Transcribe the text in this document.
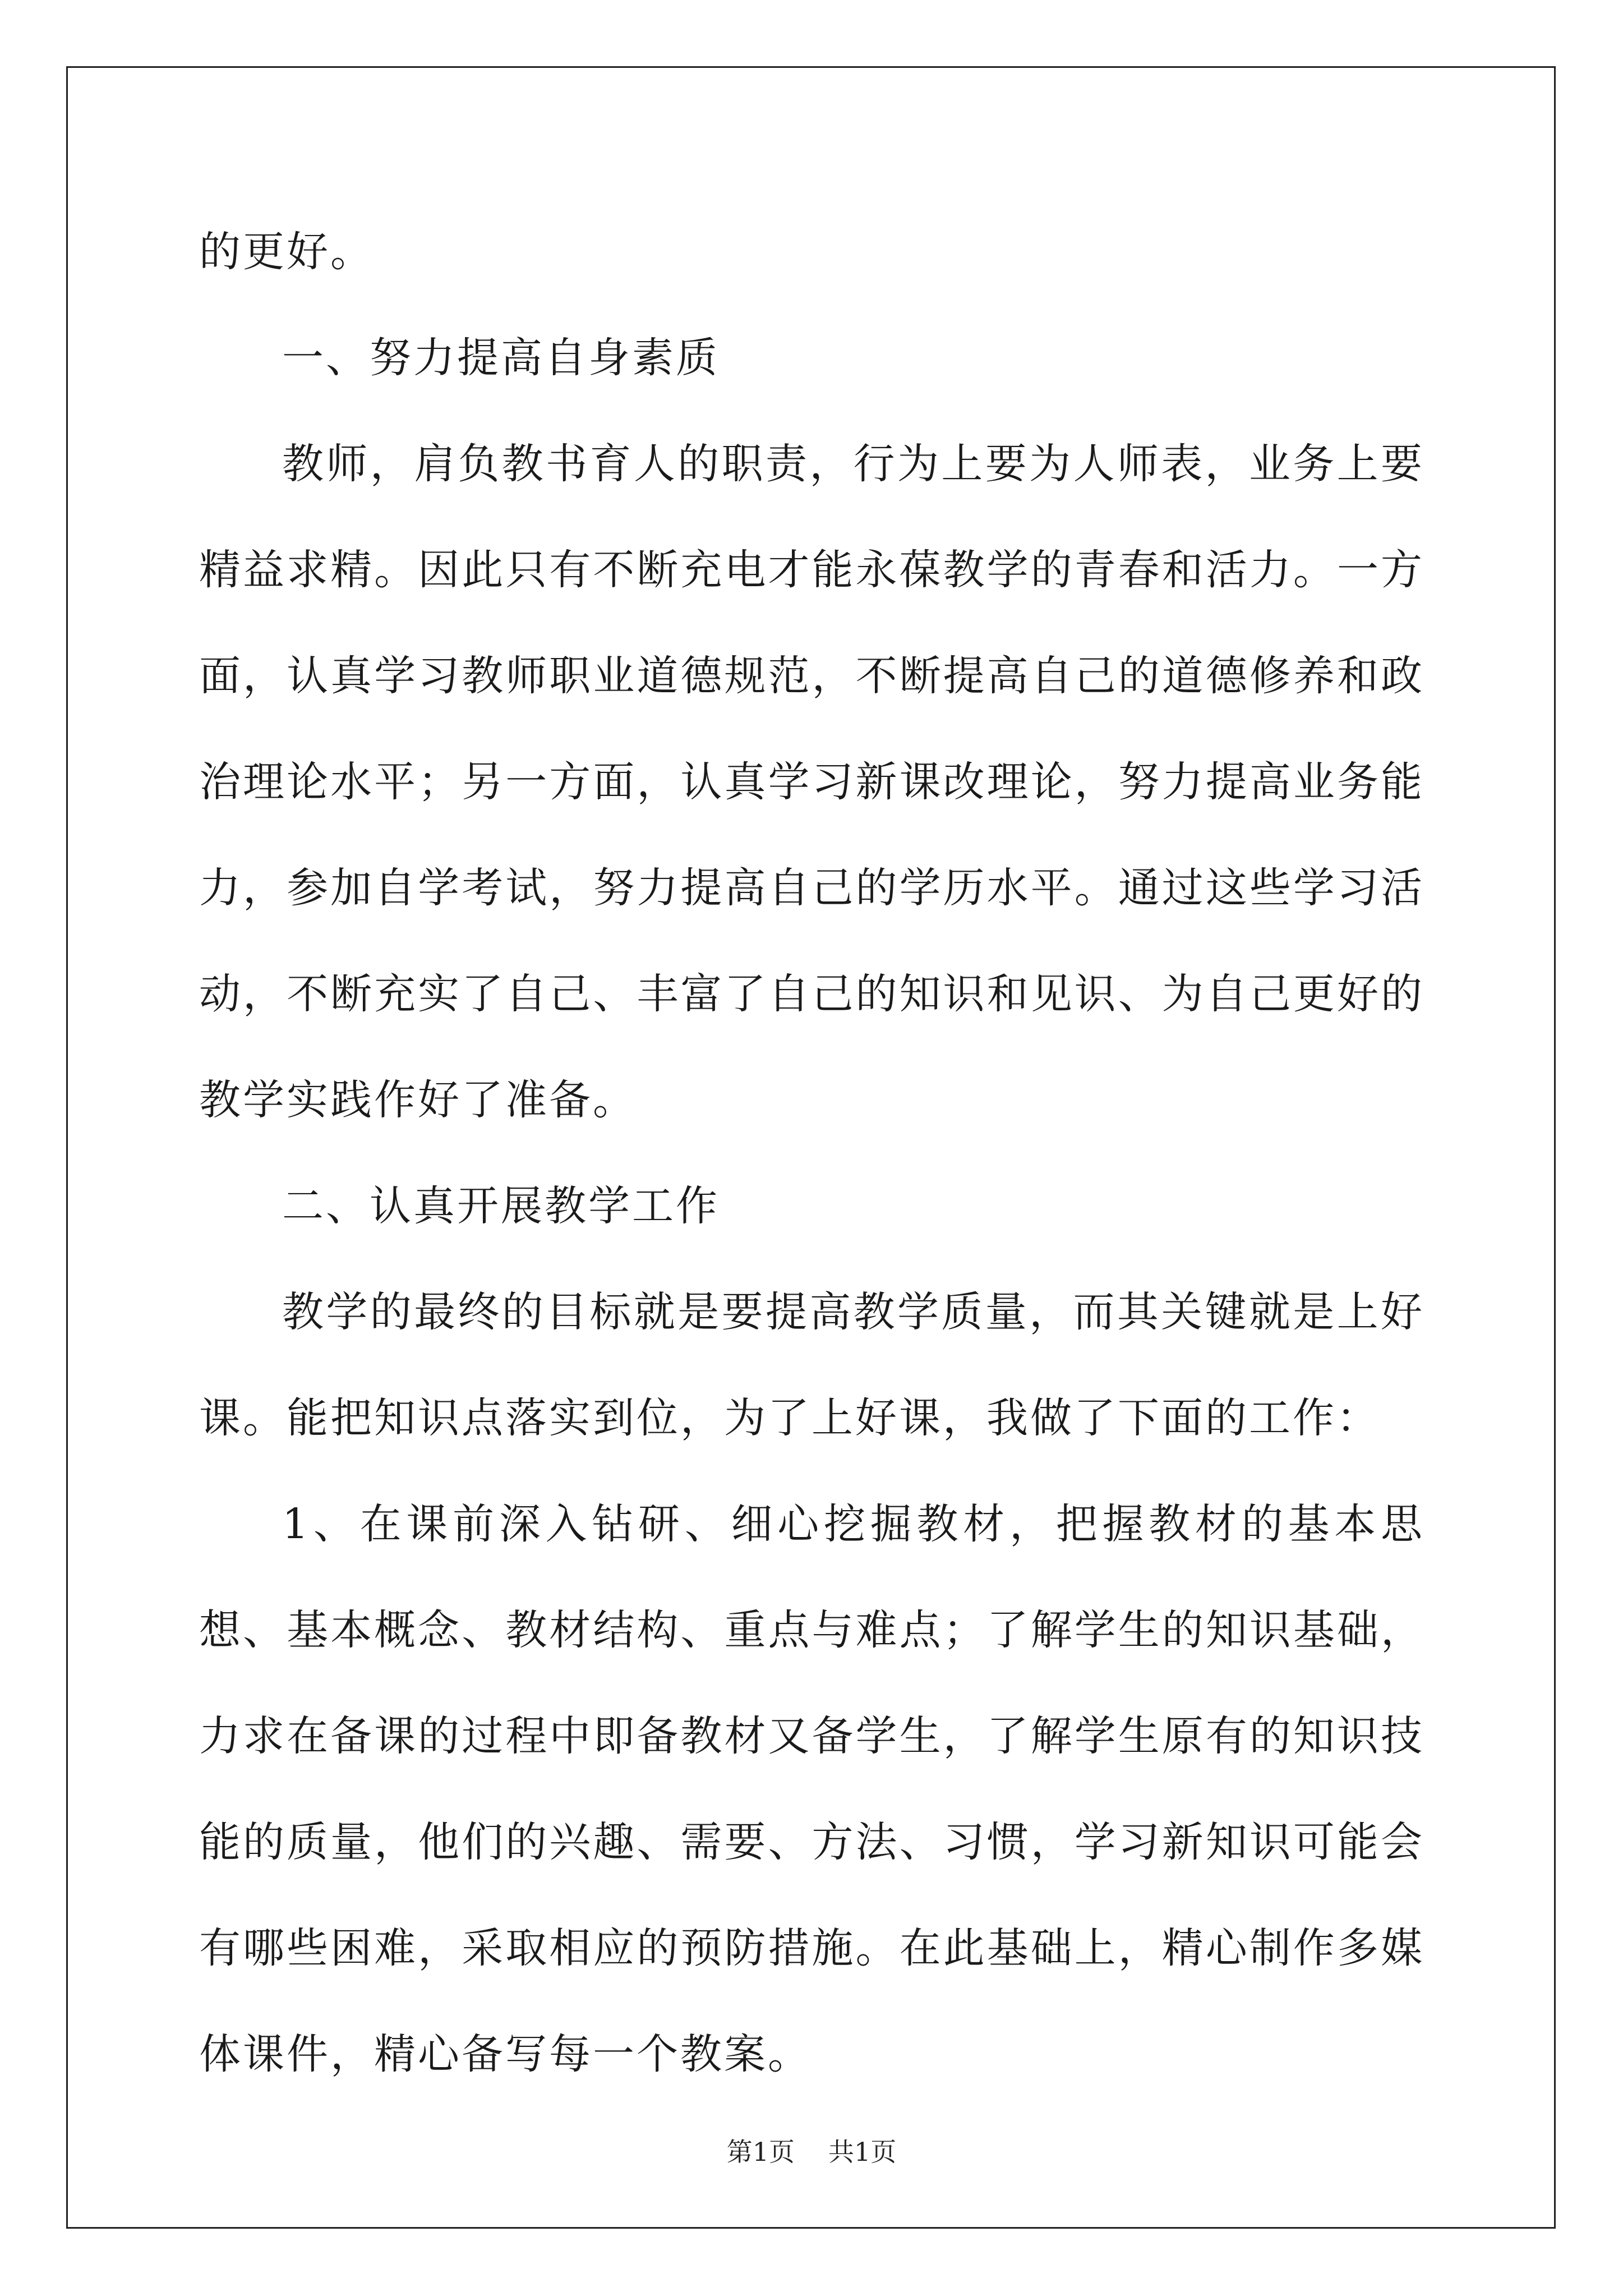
的更好。

一、努力提高自身素质

教师，肩负教书育人的职责，行为上要为人师表，业务上要精益求精。因此只有不断充电才能永葆教学的青春和活力。一方面，认真学习教师职业道德规范，不断提高自己的道德修养和政治理论水平；另一方面，认真学习新课改理论，努力提高业务能力，参加自学考试，努力提高自己的学历水平。通过这些学习活动，不断充实了自己、丰富了自己的知识和见识、为自己更好的教学实践作好了准备。

二、认真开展教学工作

教学的最终的目标就是要提高教学质量，而其关键就是上好课。能把知识点落实到位，为了上好课，我做了下面的工作：

1、在课前深入钻研、细心挖掘教材，把握教材的基本思想、基本概念、教材结构、重点与难点；了解学生的知识基础，力求在备课的过程中即备教材又备学生，了解学生原有的知识技能的质量，他们的兴趣、需要、方法、习惯，学习新知识可能会有哪些困难，采取相应的预防措施。在此基础上，精心制作多媒体课件，精心备写每一个教案。

第1页 共1页
